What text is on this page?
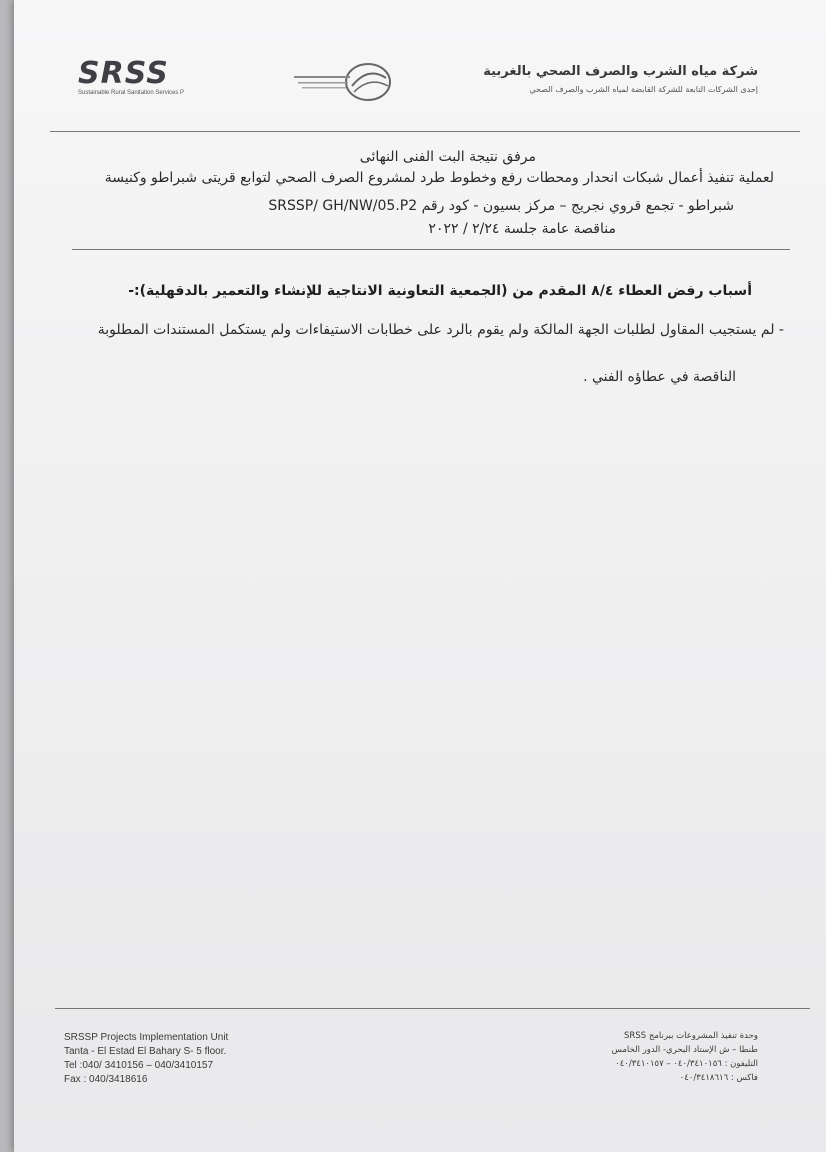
SRSS
Sustainable Rural Sanitation Services P
شركة مياه الشرب والصرف الصحي بالغربية
إحدى الشركات التابعة للشركة القابضة لمياه الشرب والصرف الصحي
مرفق نتيجة البت الفنى النهائى
لعملية تنفيذ أعمال شبكات انحدار ومحطات رفع وخطوط طرد لمشروع الصرف الصحي لتوابع قريتى شبراطو وكنيسة
شبراطو - تجمع قروي نجريج – مركز بسيون - كود رقم SRSSP/ GH/NW/05.P2
مناقصة عامة جلسة ٢/٢٤ / ٢٠٢٢
أسباب رفض العطاء ٨/٤ المقدم من (الجمعية التعاونية الانتاجية للإنشاء والتعمير بالدقهلية):-
- لم يستجيب المقاول لطلبات الجهة المالكة ولم يقوم بالرد على خطابات الاستيفاءات ولم يستكمل المستندات المطلوبة
الناقصة في عطاؤه الفني .
SRSSP Projects Implementation Unit
Tanta - El Estad El Bahary S- 5 floor.
Tel :040/ 3410156 – 040/3410157
Fax : 040/3418616
وحدة تنفيذ المشروعات ببرنامج SRSS
طنطا – ش الإستاد البحري- الدور الخامس
التليفون : ٠٤٠/٣٤١٠١٥٦ – ٠٤٠/٣٤١٠١٥٧
فاكس : ٠٤٠/٣٤١٨٦١٦
